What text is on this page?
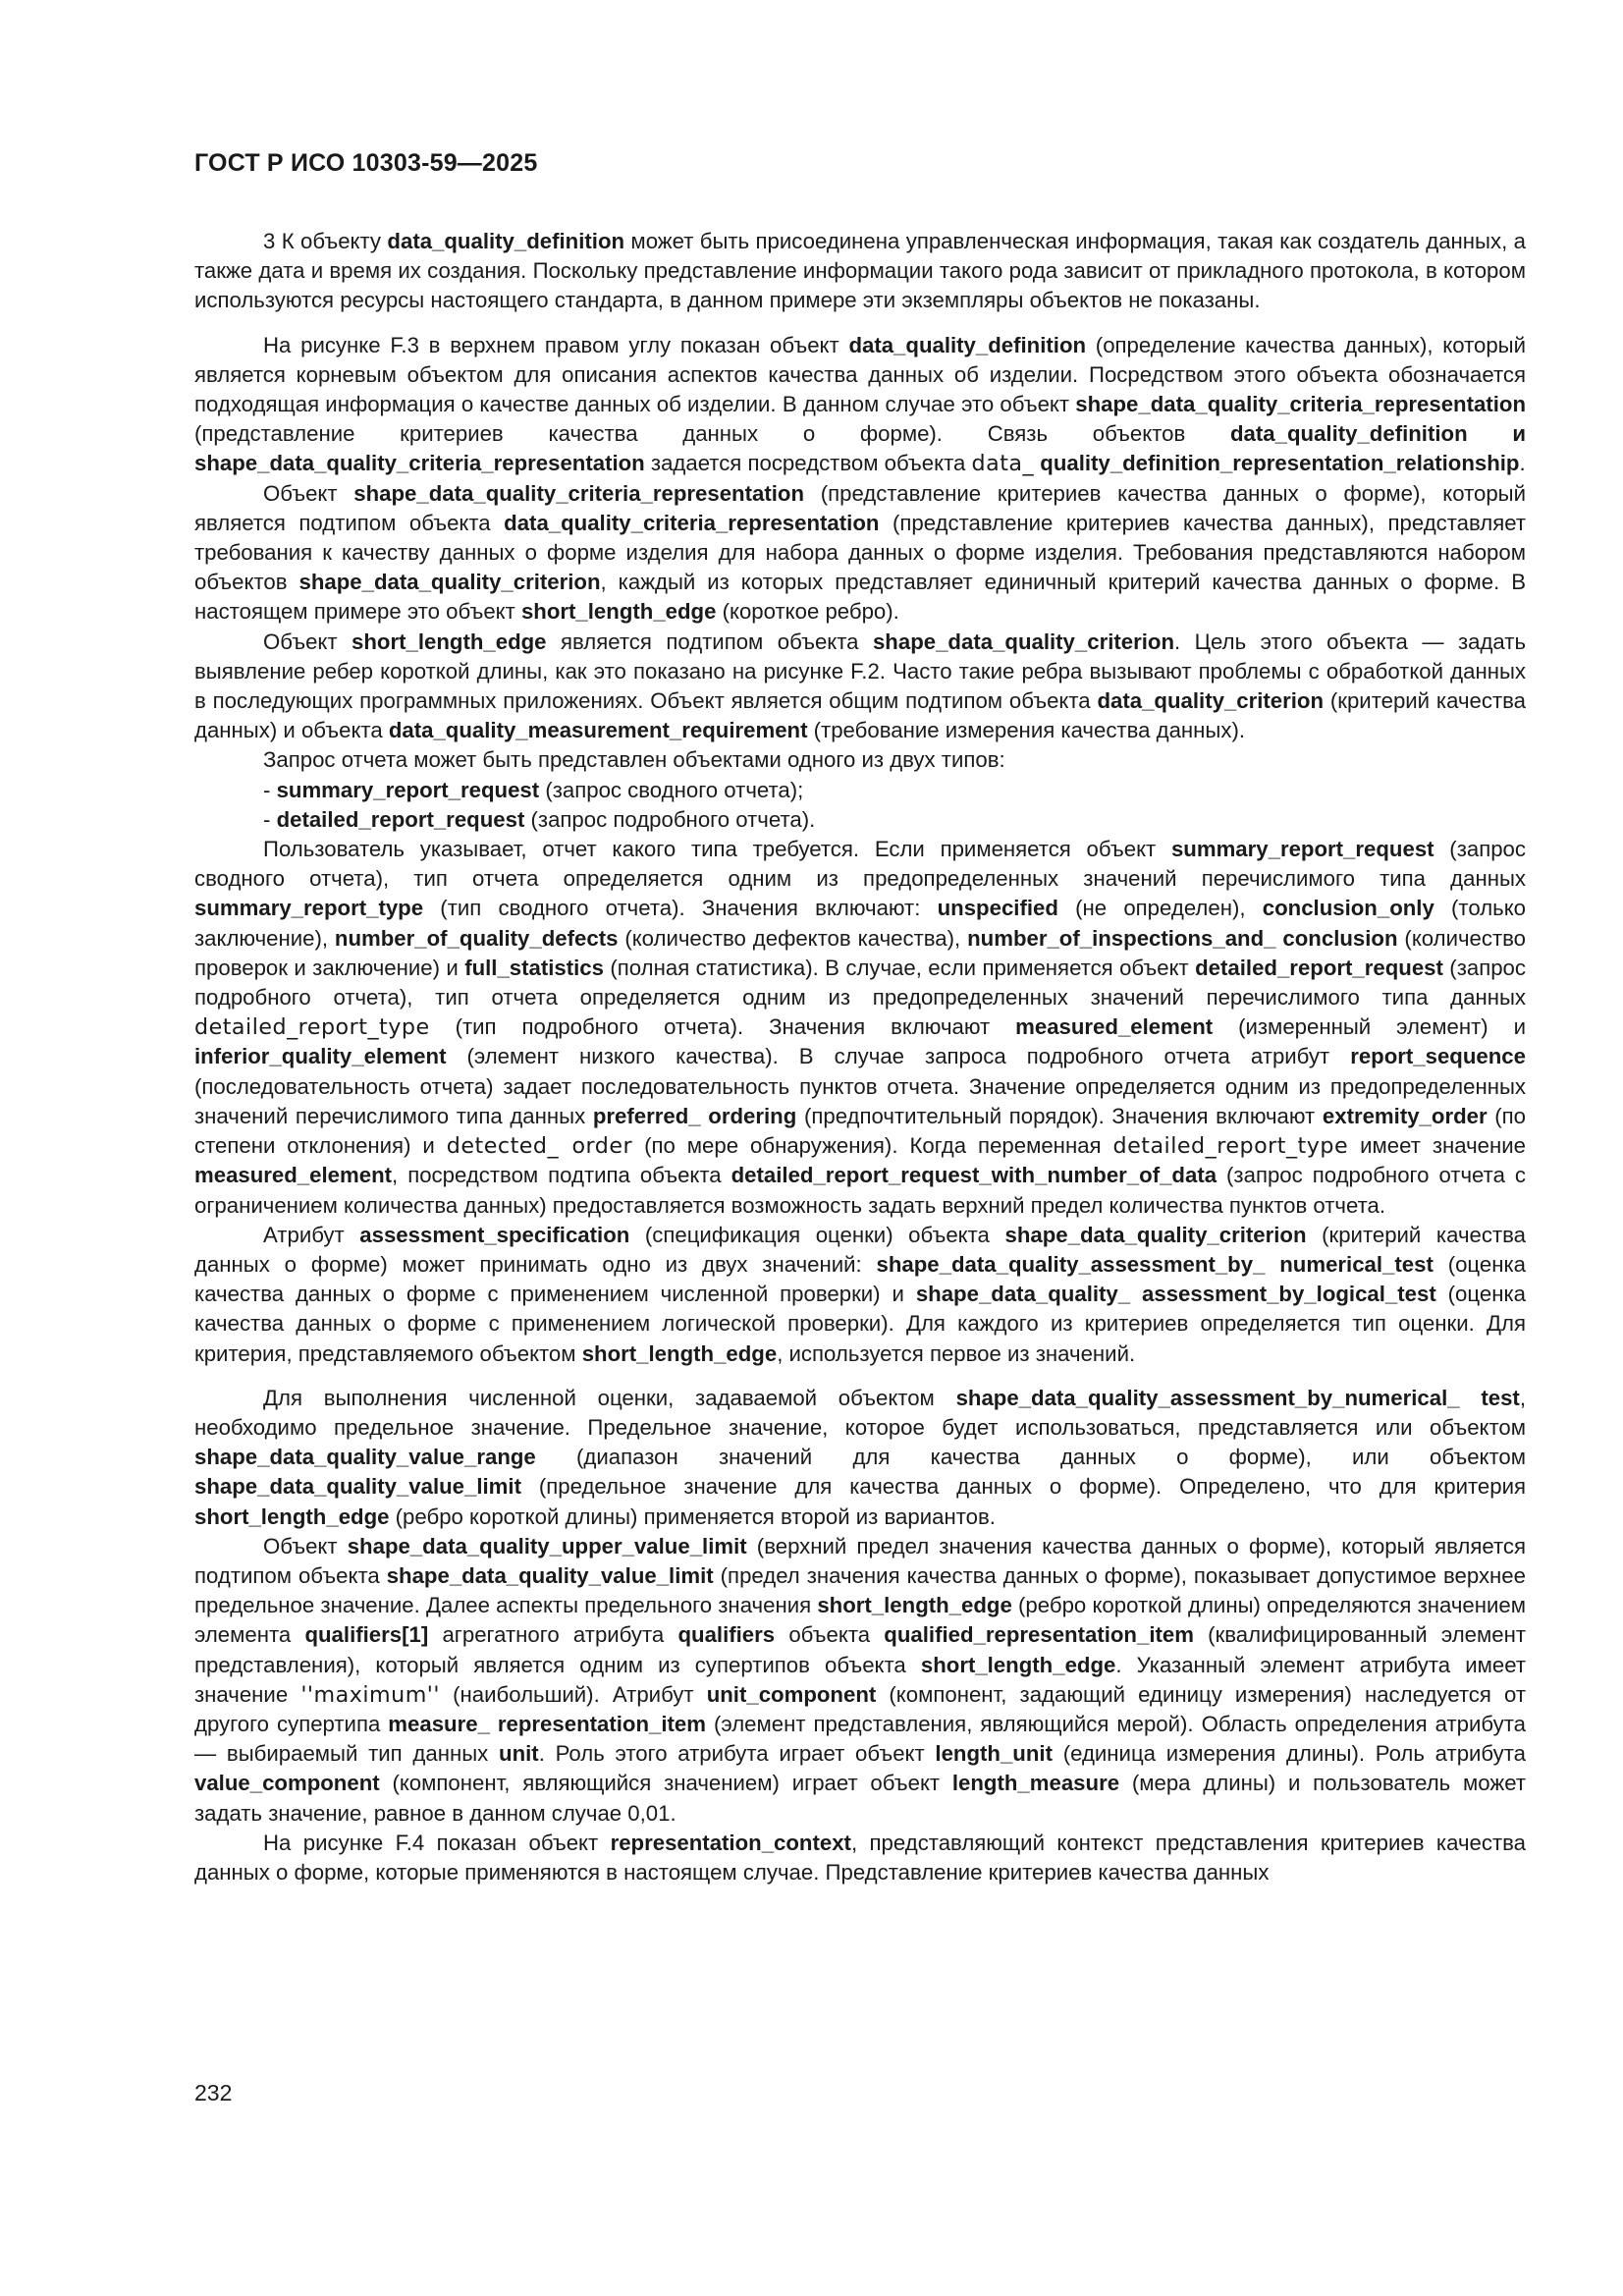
ГОСТ Р ИСО 10303-59—2025

3 К объекту data_quality_definition может быть присоединена управленческая информация, такая как создатель данных, а также дата и время их создания. Поскольку представление информации такого рода зависит от прикладного протокола, в котором используются ресурсы настоящего стандарта, в данном примере эти экземпляры объектов не показаны.

На рисунке F.3 в верхнем правом углу показан объект data_quality_definition (определение качества данных), который является корневым объектом для описания аспектов качества данных об изделии. Посредством этого объекта обозначается подходящая информация о качестве данных об изделии. В данном случае это объект shape_data_quality_criteria_representation (представление критериев качества данных о форме). Связь объектов data_quality_definition и shape_data_quality_criteria_representation задается посредством объекта data_ quality_definition_representation_relationship.

Объект shape_data_quality_criteria_representation (представление критериев качества данных о форме), который является подтипом объекта data_quality_criteria_representation (представление критериев качества данных), представляет требования к качеству данных о форме изделия для набора данных о форме изделия. Требования представляются набором объектов shape_data_quality_criterion, каждый из которых представляет единичный критерий качества данных о форме. В настоящем примере это объект short_length_edge (короткое ребро).

Объект short_length_edge является подтипом объекта shape_data_quality_criterion. Цель этого объекта — задать выявление ребер короткой длины, как это показано на рисунке F.2. Часто такие ребра вызывают проблемы с обработкой данных в последующих программных приложениях. Объект является общим подтипом объекта data_quality_criterion (критерий качества данных) и объекта data_quality_measurement_requirement (требование измерения качества данных).

Запрос отчета может быть представлен объектами одного из двух типов:

- summary_report_request (запрос сводного отчета);

- detailed_report_request (запрос подробного отчета).

Пользователь указывает, отчет какого типа требуется. Если применяется объект summary_report_request (запрос сводного отчета), тип отчета определяется одним из предопределенных значений перечислимого типа данных summary_report_type (тип сводного отчета). Значения включают: unspecified (не определен), conclusion_only (только заключение), number_of_quality_defects (количество дефектов качества), number_of_inspections_and_ conclusion (количество проверок и заключение) и full_statistics (полная статистика). В случае, если применяется объект detailed_report_request (запрос подробного отчета), тип отчета определяется одним из предопределенных значений перечислимого типа данных detailed_report_type (тип подробного отчета). Значения включают measured_element (измеренный элемент) и inferior_quality_element (элемент низкого качества). В случае запроса подробного отчета атрибут report_sequence (последовательность отчета) задает последовательность пунктов отчета. Значение определяется одним из предопределенных значений перечислимого типа данных preferred_ ordering (предпочтительный порядок). Значения включают extremity_order (по степени отклонения) и detected_ order (по мере обнаружения). Когда переменная detailed_report_type имеет значение measured_element, посредством подтипа объекта detailed_report_request_with_number_of_data (запрос подробного отчета с ограничением количества данных) предоставляется возможность задать верхний предел количества пунктов отчета.

Атрибут assessment_specification (спецификация оценки) объекта shape_data_quality_criterion (критерий качества данных о форме) может принимать одно из двух значений: shape_data_quality_assessment_by_ numerical_test (оценка качества данных о форме с применением численной проверки) и shape_data_quality_ assessment_by_logical_test (оценка качества данных о форме с применением логической проверки). Для каждого из критериев определяется тип оценки. Для критерия, представляемого объектом short_length_edge, используется первое из значений.

Для выполнения численной оценки, задаваемой объектом shape_data_quality_assessment_by_numerical_ test, необходимо предельное значение. Предельное значение, которое будет использоваться, представляется или объектом shape_data_quality_value_range (диапазон значений для качества данных о форме), или объектом shape_data_quality_value_limit (предельное значение для качества данных о форме). Определено, что для критерия short_length_edge (ребро короткой длины) применяется второй из вариантов.

Объект shape_data_quality_upper_value_limit (верхний предел значения качества данных о форме), который является подтипом объекта shape_data_quality_value_limit (предел значения качества данных о форме), показывает допустимое верхнее предельное значение. Далее аспекты предельного значения short_length_edge (ребро короткой длины) определяются значением элемента qualifiers[1] агрегатного атрибута qualifiers объекта qualified_representation_item (квалифицированный элемент представления), который является одним из супертипов объекта short_length_edge. Указанный элемент атрибута имеет значение ''maximum'' (наибольший). Атрибут unit_component (компонент, задающий единицу измерения) наследуется от другого супертипа measure_ representation_item (элемент представления, являющийся мерой). Область определения атрибута — выбираемый тип данных unit. Роль этого атрибута играет объект length_unit (единица измерения длины). Роль атрибута value_component (компонент, являющийся значением) играет объект length_measure (мера длины) и пользователь может задать значение, равное в данном случае 0,01.

На рисунке F.4 показан объект representation_context, представляющий контекст представления критериев качества данных о форме, которые применяются в настоящем случае. Представление критериев качества данных

232
